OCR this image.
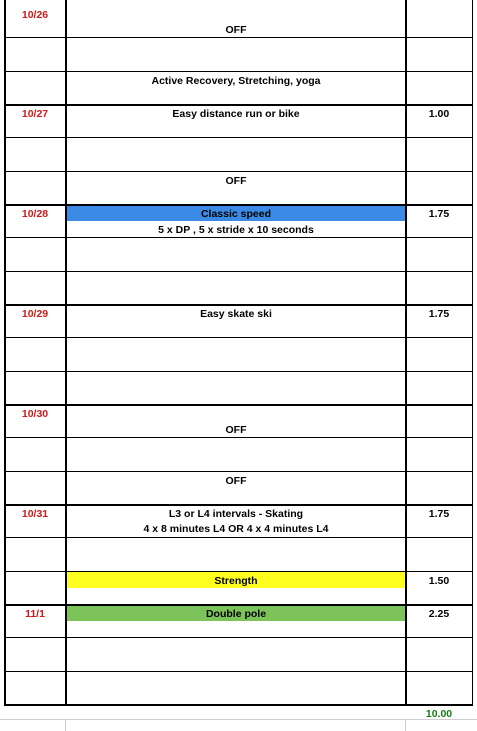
10/26
10/27
10/28
10/29
10/30
10/31
11/1
OFF
Active Recovery, Stretching, yoga
Easy distance run or bike
OFF
Classic speed
5 x DP , 5 x stride x 10 seconds
Easy skate ski
OFF
OFF
L3 or L4 intervals - Skating
4 x 8 minutes L4 OR 4 x 4 minutes L4
Strength
Double pole
1.00
1.75
1.75
1.75
1.50
2.25
10.00
